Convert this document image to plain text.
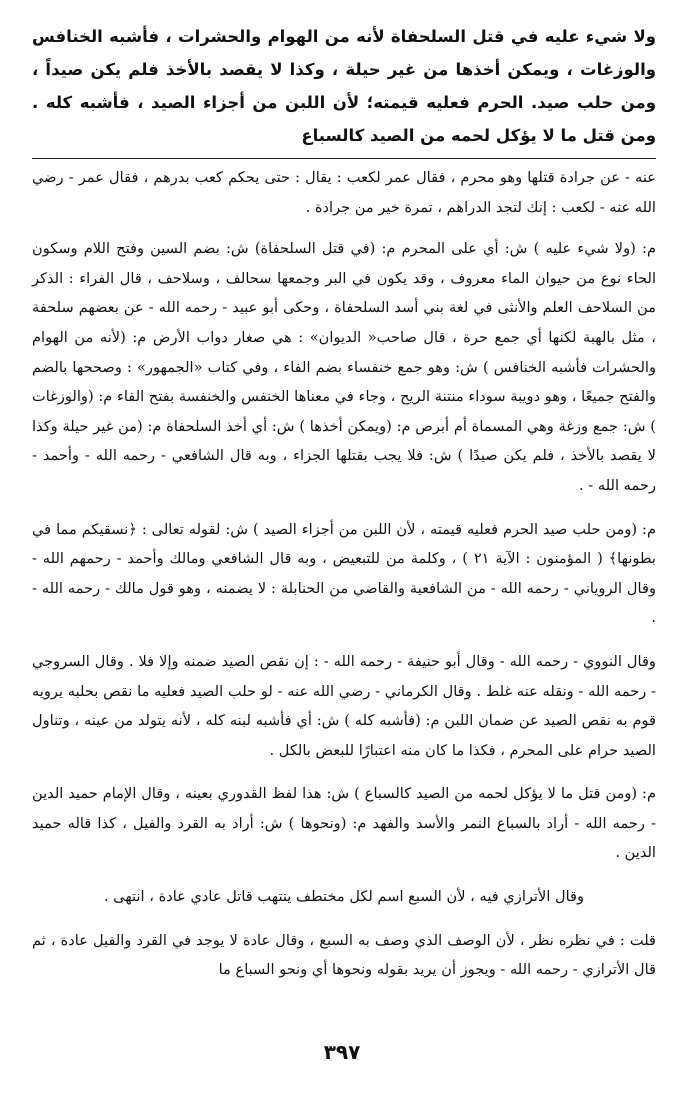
ولا شيء عليه في قتل السلحفاة لأنه من الهوام والحشرات ، فأشبه الخنافس والوزغات ، ويمكن أخذها من غير حيلة ، وكذا لا يقصد بالأخذ فلم يكن صيداً ، ومن حلب صيد. الحرم فعليه قيمته؛ لأن اللبن من أجزاء الصيد ، فأشبه كله . ومن قتل ما لا يؤكل لحمه من الصيد كالسباع

عنه - عن جرادة قتلها وهو محرم ، فقال عمر لكعب : يقال : حتى يحكم كعب بدرهم ، فقال عمر - رضي الله عنه - لكعب : إنك لتجد الدراهم ، تمرة خير من جرادة .

م: (ولا شيء عليه ) ش: أي على المحرم م: (في قتل السلحفاة) ش: بضم السين وفتح اللام وسكون الحاء نوع من حيوان الماء معروف ، وقد يكون في البر وجمعها سحالف ، وسلاحف ، قال الفراء : الذكر من السلاحف العلم والأنثى في لغة بني أسد السلحفاة ، وحكى أبو عبيد - رحمه الله - عن بعضهم سلحفة ، مثل بالهبة لكنها أي جمع حرة ، قال صاحب« الديوان» : هي صغار دواب الأرض م: (لأنه من الهوام والحشرات فأشبه الخنافس ) ش: وهو جمع خنفساء بضم الفاء ، وفي كتاب «الجمهور» : وصححها بالضم والفتح جميعًا ، وهو دويبة سوداء منتنة الريح ، وجاء في معناها الخنفس والخنفسة بفتح الفاء م: (والوزغات ) ش: جمع وزغة وهي المسماة أم أبرص م: (ويمكن أخذها ) ش: أي أخذ السلحفاة م: (من غير حيلة وكذا لا يقصد بالأخذ ، فلم يكن صيدًا ) ش: فلا يجب بقتلها الجزاء ، وبه قال الشافعي - رحمه الله - وأحمد - رحمه الله - .

م: (ومن حلب صيد الحرم فعليه قيمته ، لأن اللبن من أجزاء الصيد ) ش: لقوله تعالى : ﴿نسقيكم مما في بطونها﴾ ( المؤمنون : الآية ٢١ ) ، وكلمة من للتبعيض ، وبه قال الشافعي ومالك وأحمد - رحمهم الله - وقال الروياني - رحمه الله - من الشافعية والقاضي من الحنابلة : لا يضمنه ، وهو قول مالك - رحمه الله - .

وقال النووي - رحمه الله - وقال أبو حنيفة - رحمه الله - : إن نقص الصيد ضمنه وإلا فلا . وقال السروجي - رحمه الله - ونقله عنه غلط . وقال الكرماني - رضي الله عنه - لو حلب الصيد فعليه ما نقص بحلبه يرويه قوم به نقص الصيد عن ضمان اللبن م: (فأشبه كله ) ش: أي فأشبه لبنه كله ، لأنه يتولد من عينه ، وتناول الصيد حرام على المحرم ، فكذا ما كان منه اعتبارًا للبعض بالكل .

م: (ومن قتل ما لا يؤكل لحمه من الصيد كالسباع ) ش: هذا لفظ القدوري بعينه ، وقال الإمام حميد الدين - رحمه الله - أراد بالسباع النمر والأسد والفهد م: (ونحوها ) ش: أراد به القرد والفيل ، كذا قاله حميد الدين .

وقال الأترازي فيه ، لأن السبع اسم لكل مختطف ينتهب قاتل عادي عادة ، انتهى .

قلت : في نظره نظر ، لأن الوصف الذي وصف به السبع ، وقال عادة لا يوجد في القرد والفيل عادة ، ثم قال الأترازي - رحمه الله - ويجوز أن يريد بقوله ونحوها أي ونحو السباع ما

٣٩٧
